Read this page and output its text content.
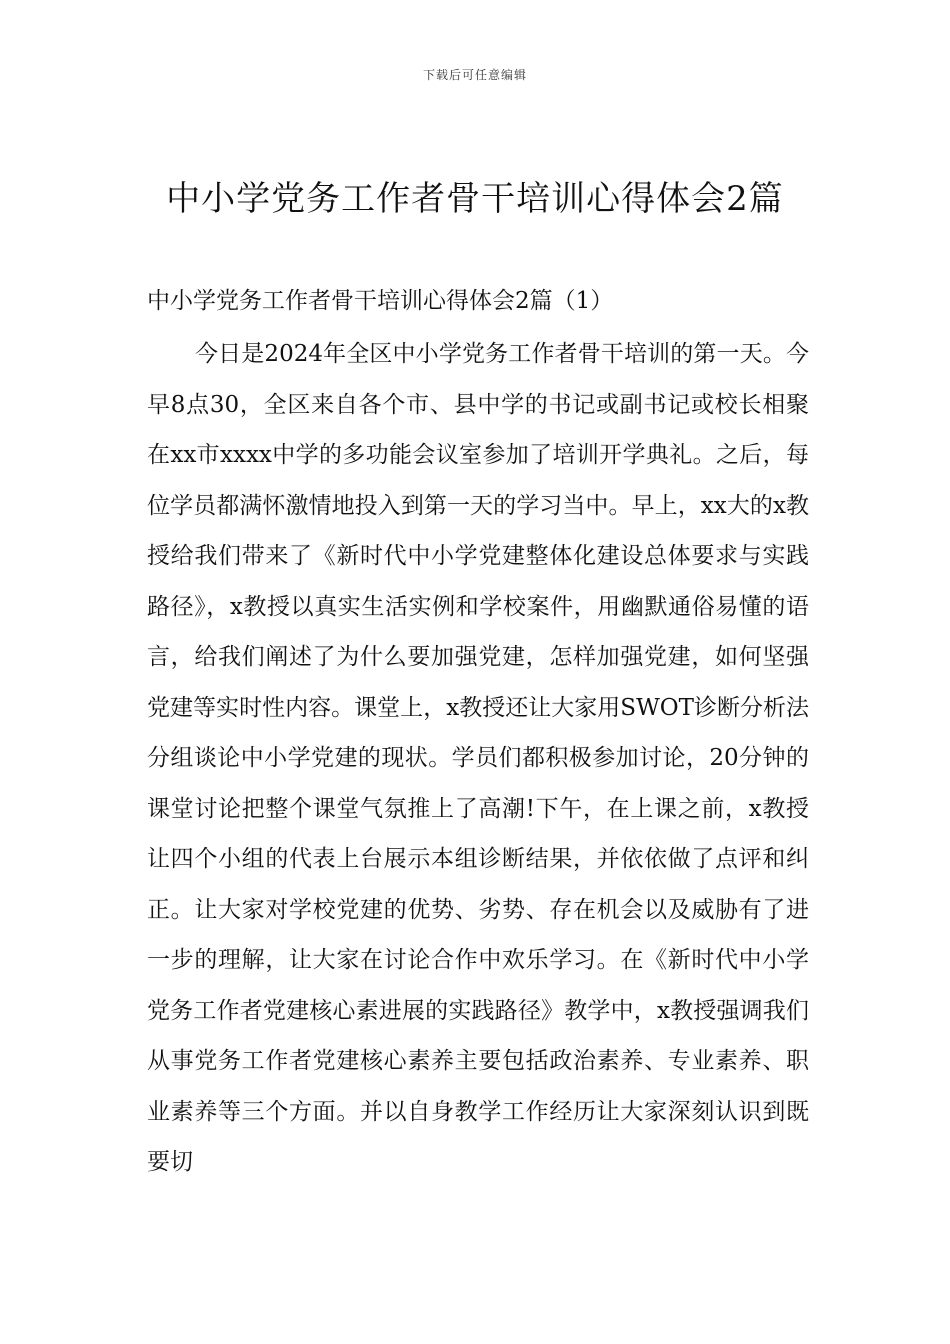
下载后可任意编辑
中小学党务工作者骨干培训心得体会2篇

中小学党务工作者骨干培训心得体会2篇（1）

今日是2024年全区中小学党务工作者骨干培训的第一天。今早8点30，全区来自各个市、县中学的书记或副书记或校长相聚在xx市xxxx中学的多功能会议室参加了培训开学典礼。之后，每位学员都满怀激情地投入到第一天的学习当中。早上，xx大的x教授给我们带来了《新时代中小学党建整体化建设总体要求与实践路径》，x教授以真实生活实例和学校案件，用幽默通俗易懂的语言，给我们阐述了为什么要加强党建，怎样加强党建，如何坚强党建等实时性内容。课堂上，x教授还让大家用SWOT诊断分析法分组谈论中小学党建的现状。学员们都积极参加讨论，20分钟的课堂讨论把整个课堂气氛推上了高潮!下午，在上课之前，x教授让四个小组的代表上台展示本组诊断结果，并依依做了点评和纠正。让大家对学校党建的优势、劣势、存在机会以及威胁有了进一步的理解，让大家在讨论合作中欢乐学习。在《新时代中小学党务工作者党建核心素进展的实践路径》教学中，x教授强调我们从事党务工作者党建核心素养主要包括政治素养、专业素养、职业素养等三个方面。并以自身教学工作经历让大家深刻认识到既要切
